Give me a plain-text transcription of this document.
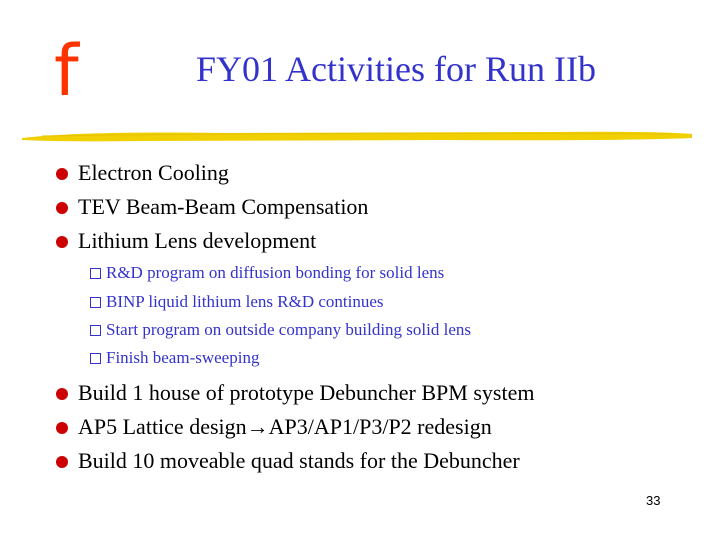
f	FY01 Activities for Run IIb
Electron Cooling
TEV Beam-Beam Compensation
Lithium Lens development
R&D program on diffusion bonding for solid lens
BINP liquid lithium lens R&D continues
Start program on outside company building solid lens
Finish beam-sweeping
Build 1 house of prototype Debuncher BPM system
AP5 Lattice design→AP3/AP1/P3/P2 redesign
Build 10 moveable quad stands for the Debuncher
33
